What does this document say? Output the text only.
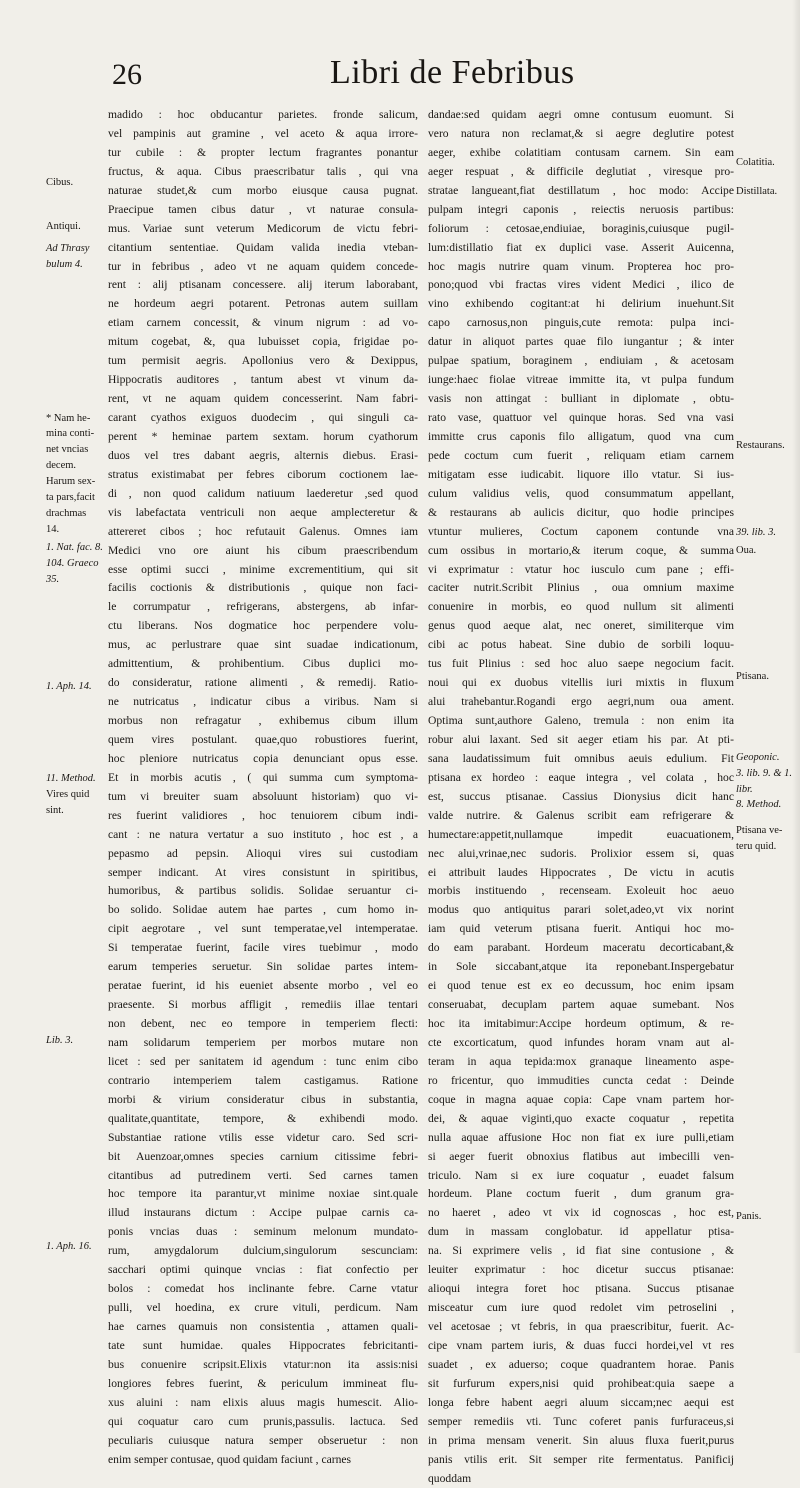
26	Libri de Febribus
madido : hoc obducantur parietes. fronde salicum,
vel pampinis aut gramine , vel aceto & aqua irrore-
tur cubile : & propter lectum fragrantes ponantur
fructus, & aqua. Cibus praescribatur talis , qui vna
naturae studet,& cum morbo eiusque causa pugnat.
Praecipue tamen cibus datur , vt naturae consula-
mus. Variae sunt veterum Medicorum de victu febri-
citantium sententiae. Quidam valida inedia vteban-
tur in febribus , adeo vt ne aquam quidem concede-
rent : alij ptisanam concessere. alij iterum laborabant,
ne hordeum aegri potarent. Petronas autem suillam
etiam carnem concessit, & vinum nigrum : ad vo-
mitum cogebat, &, qua lubuisset copia, frigidae po-
tum permisit aegris. Apollonius vero & Dexippus,
Hippocratis auditores , tantum abest vt vinum da-
rent, vt ne aquam quidem concesserint. Nam fabri-
carant cyathos exiguos duodecim , qui singuli ca-
perent * heminae partem sextam. horum cyathorum
duos vel tres dabant aegris, alternis diebus. Erasi-
stratus existimabat per febres ciborum coctionem lae-
di , non quod calidum natiuum laederetur ,sed quod
vis labefactata ventriculi non aeque amplecteretur &
attereret cibos ; hoc refutauit Galenus. Omnes iam
Medici vno ore aiunt his cibum praescribendum
esse optimi succi , minime excrementitium, qui sit
facilis coctionis & distributionis , quique non faci-
le corrumpatur , refrigerans, abstergens, ab infar-
ctu liberans. Nos dogmatice hoc perpendere volu-
mus, ac perlustrare quae sint suadae indicationum,
admittentium, & prohibentium. Cibus duplici mo-
do consideratur, ratione alimenti , & remedij. Ratio-
ne nutricatus , indicatur cibus a viribus. Nam si
morbus non refragatur , exhibemus cibum illum
quem vires postulant. quae,quo robustiores fuerint,
hoc pleniore nutricatus copia denunciant opus esse.
Et in morbis acutis , ( qui summa cum symptoma-
tum vi breuiter suam absoluunt historiam) quo vi-
res fuerint validiores , hoc tenuiorem cibum indi-
cant : ne natura vertatur a suo instituto , hoc est , a
pepasmo ad pepsin. Alioqui vires sui custodiam
semper indicant. At vires consistunt in spiritibus,
humoribus, & partibus solidis. Solidae seruantur ci-
bo solido. Solidae autem hae partes , cum homo in-
cipit aegrotare , vel sunt temperatae,vel intemperatae.
Si temperatae fuerint, facile vires tuebimur , modo
earum temperies seruetur. Sin solidae partes intem-
peratae fuerint, id his eueniet absente morbo , vel eo
praesente. Si morbus affligit , remediis illae tentari
non debent, nec eo tempore in temperiem flecti:
nam solidarum temperiem per morbos mutare non
licet : sed per sanitatem id agendum : tunc enim cibo
contrario intemperiem talem castigamus. Ratione
morbi & virium consideratur cibus in substantia,
qualitate,quantitate, tempore, & exhibendi modo.
Substantiae ratione vtilis esse videtur caro. Sed scri-
bit Auenzoar,omnes species carnium citissime febri-
citantibus ad putredinem verti. Sed carnes tamen
hoc tempore ita parantur,vt minime noxiae sint.quale
illud instaurans dictum : Accipe pulpae carnis ca-
ponis vncias duas : seminum melonum mundato-
rum, amygdalorum dulcium,singulorum sescunciam:
sacchari optimi quinque vncias : fiat confectio per
bolos : comedat hos inclinante febre. Carne vtatur
pulli, vel hoedina, ex crure vituli, perdicum. Nam
hae carnes quamuis non consistentia , attamen quali-
tate sunt humidae. quales Hippocrates febricitanti-
bus conuenire scripsit.Elixis vtatur:non ita assis:nisi
longiores febres fuerint, & periculum immineat flu-
xus aluini : nam elixis aluus magis humescit. Alio-
qui coquatur caro cum prunis,passulis. lactuca. Sed
peculiaris cuiusque natura semper obseruetur : non
enim semper contusae, quod quidam faciunt , carnes
dandae:sed quidam aegri omne contusum euomunt. Si
vero natura non reclamat,& si aegre deglutire potest
aeger, exhibe colatitiam contusam carnem. Sin eam
aeger respuat , & difficile deglutiat , viresque pro-
stratae langueant,fiat destillatum , hoc modo: Accipe
pulpam integri caponis , reiectis neruosis partibus:
foliorum : cetosae,endiuiae, boraginis,cuiusque pugil-
lum:distillatio fiat ex duplici vase. Asserit Auicenna,
hoc magis nutrire quam vinum. Propterea hoc pro-
pono;quod vbi fractas vires vident Medici , ilico de
vino exhibendo cogitant:at hi delirium inuehunt.Sit
capo carnosus,non pinguis,cute remota: pulpa inci-
datur in aliquot partes quae filo iungantur ; & inter
pulpae spatium, boraginem , endiuiam , & acetosam
iunge:haec fiolae vitreae immitte ita, vt pulpa fundum
vasis non attingat : bulliant in diplomate , obtu-
rato vase, quattuor vel quinque horas. Sed vna vasi
immitte crus caponis filo alligatum, quod vna cum
pede coctum cum fuerit , reliquam etiam carnem
mitigatam esse iudicabit. liquore illo vtatur. Si ius-
culum validius velis, quod consummatum appellant,
& restaurans ab aulicis dicitur, quo hodie principes
vtuntur mulieres, Coctum caponem contunde vna
cum ossibus in mortario,& iterum coque, & summa
vi exprimatur : vtatur hoc iusculo cum pane ; effi-
caciter nutrit.Scribit Plinius , oua omnium maxime
conuenire in morbis, eo quod nullum sit alimenti
genus quod aeque alat, nec oneret, similiterque vim
cibi ac potus habeat. Sine dubio de sorbili loquu-
tus fuit Plinius : sed hoc aluo saepe negocium facit.
noui qui ex duobus vitellis iuri mixtis in fluxum
alui trahebantur.Rogandi ergo aegri,num oua ament.
Optima sunt,authore Galeno, tremula : non enim ita
robur alui laxant. Sed sit aeger etiam his par. At pti-
sana laudatissimum fuit omnibus aeuis edulium. Fit
ptisana ex hordeo : eaque integra , vel colata , hoc
est, succus ptisanae. Cassius Dionysius dicit hanc
valde nutrire. & Galenus scribit eam refrigerare &
humectare:appetit,nullamque impedit euacuationem,
nec alui,vrinae,nec sudoris. Prolixior essem si, quas
ei attribuit laudes Hippocrates , De victu in acutis
morbis instituendo , recenseam. Exoleuit hoc aeuo
modus quo antiquitus parari solet,adeo,vt vix norint
iam quid veterum ptisana fuerit. Antiqui hoc mo-
do eam parabant. Hordeum maceratu decorticabant,&
in Sole siccabant,atque ita reponebant.Inspergebatur
ei quod tenue est ex eo decussum, hoc enim ipsam
conseruabat, decuplam partem aquae sumebant. Nos
hoc ita imitabimur:Accipe hordeum optimum, & re-
cte excorticatum, quod infundes horam vnam aut al-
teram in aqua tepida:mox granaque lineamento aspe-
ro fricentur, quo immudities cuncta cedat : Deinde
coque in magna aquae copia: Cape vnam partem hor-
dei, & aquae viginti,quo exacte coquatur , repetita
nulla aquae affusione Hoc non fiat ex iure pulli,etiam
si aeger fuerit obnoxius flatibus aut imbecilli ven-
triculo. Nam si ex iure coquatur , euadet falsum
hordeum. Plane coctum fuerit , dum granum gra-
no haeret , adeo vt vix id cognoscas , hoc est,
dum in massam conglobatur. id appellatur ptisa-
na. Si exprimere velis , id fiat sine contusione , &
leuiter exprimatur : hoc dicetur succus ptisanae:
alioqui integra foret hoc ptisana. Succus ptisanae
misceatur cum iure quod redolet vim petroselini ,
vel acetosae ; vt febris, in qua praescribitur, fuerit. Ac-
cipe vnam partem iuris, & duas fucci hordei,vel vt res
suadet , ex aduerso; coque quadrantem horae. Panis
sit furfurum expers,nisi quid prohibeat:quia saepe a
longa febre habent aegri aluum siccam;nec aequi est
semper remediis vti. Tunc coferet panis furfuraceus,si
in prima mensam venerit. Sin aluus fluxa fuerit,purus
panis vtilis erit. Sit semper rite fermentatus. Panificij
quoddam
Cibus.
Antiqui.
Ad Thrasy
bulum 4.
* Nam he-
mina conti-
net vncias
decem.
Harum sex-
ta pars,facit
drachmas
14.
1. Nat. fac. 8.
104. Graeco
35.
1. Aph. 14.
11. Method.
Vires quid
sint.
Lib. 3.
1. Aph. 16.
Colatitia.
Distillata.
Restaurans.
39. lib. 3.
Oua.
Ptisana.
Geoponic.
3. lib. 9. & 1.
libr.
8. Method.
Ptisana ve-
teru quid.
Panis.
